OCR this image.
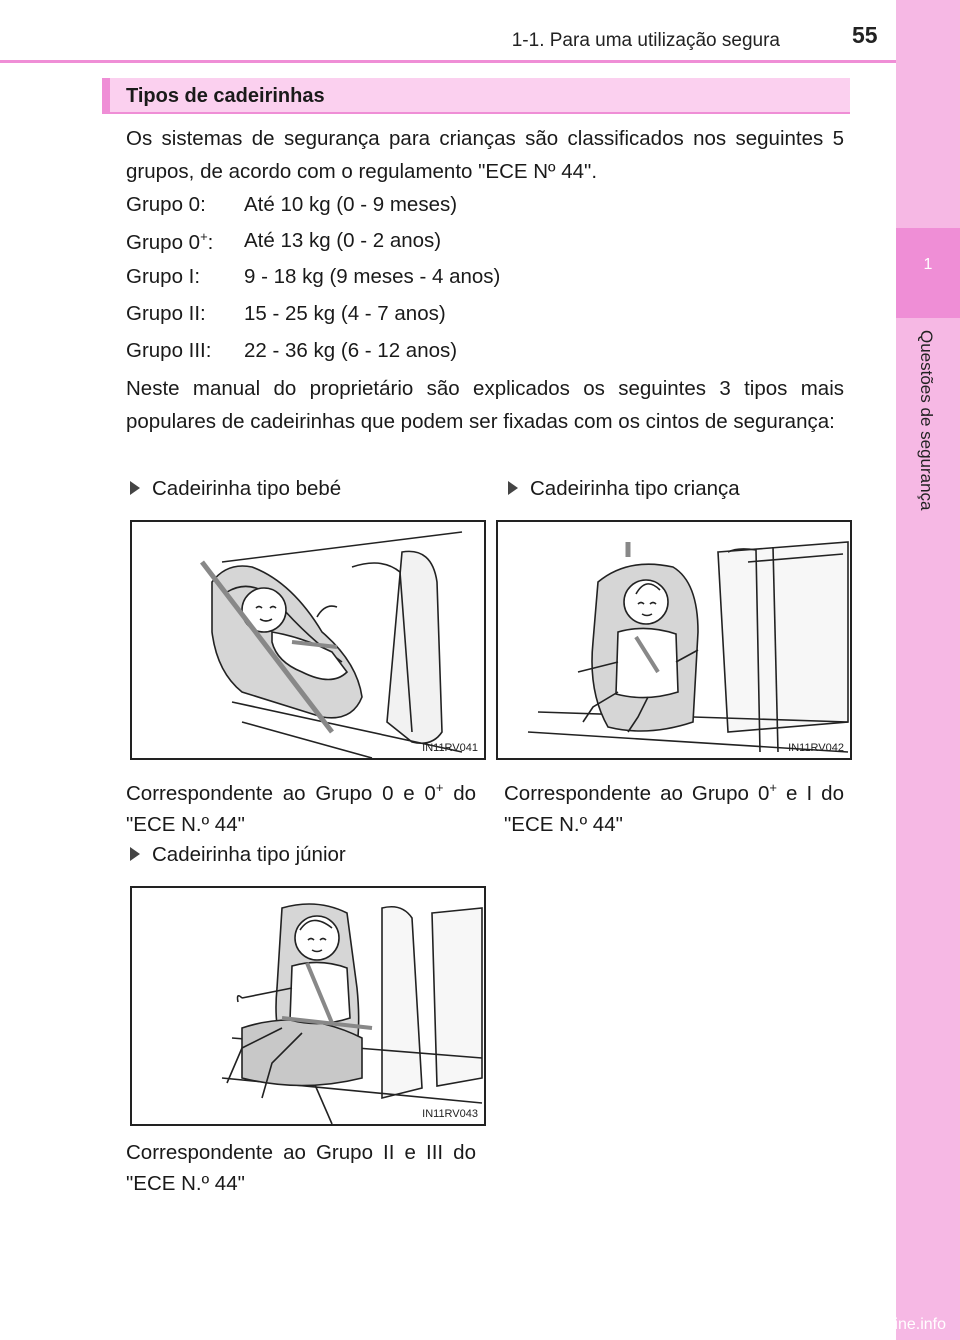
1
Questões de segurança
1-1. Para uma utilização segura	55
Tipos de cadeirinhas
Os sistemas de segurança para crianças são classificados nos seguintes 5 grupos, de acordo com o regulamento "ECE Nº 44".
Grupo 0: Até 10 kg (0 - 9 meses)
Grupo 0+: Até 13 kg (0 - 2 anos)
Grupo I: 9 - 18 kg (9 meses - 4 anos)
Grupo II: 15 - 25 kg (4 - 7 anos)
Grupo III: 22 - 36 kg (6 - 12 anos)
Neste manual do proprietário são explicados os seguintes 3 tipos mais populares de cadeirinhas que podem ser fixadas com os cintos de segurança:
Cadeirinha tipo bebé	Cadeirinha tipo criança
IN11RV041	IN11RV042
Correspondente ao Grupo 0 e 0+ do "ECE N.º 44"
Correspondente ao Grupo 0+ e I do "ECE N.º 44"
Cadeirinha tipo júnior
IN11RV043
Correspondente ao Grupo II e III do "ECE N.º 44"
carmanualsonline.info
